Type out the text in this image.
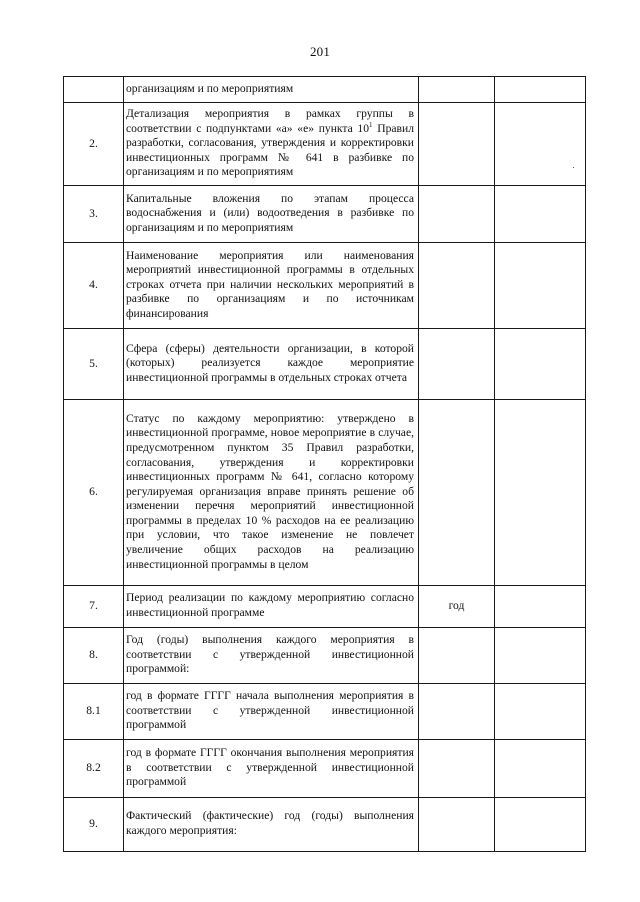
201
	организациям и по мероприятиям		
2.	Детализация мероприятия в рамках группы в соответствии с подпунктами «а» «е» пункта $10^1$ Правил разработки, согласования, утверждения и корректировки инвестиционных программ № 641 в разбивке по организациям и по мероприятиям		
3.	Капитальные вложения по этапам процесса водоснабжения и (или) водоотведения в разбивке по организациям и по мероприятиям		
4.	Наименование мероприятия или наименования мероприятий инвестиционной программы в отдельных строках отчета при наличии нескольких мероприятий в разбивке по организациям и по источникам финансирования		
5.	Сфера (сферы) деятельности организации, в которой (которых) реализуется каждое мероприятие инвестиционной программы в отдельных строках отчета		
6.	Статус по каждому мероприятию: утверждено в инвестиционной программе, новое мероприятие в случае, предусмотренном пунктом 35 Правил разработки, согласования, утверждения и корректировки инвестиционных программ № 641, согласно которому регулируемая организация вправе принять решение об изменении перечня мероприятий инвестиционной программы в пределах 10 % расходов на ее реализацию при условии, что такое изменение не повлечет увеличение общих расходов на реализацию инвестиционной программы в целом		
7.	Период реализации по каждому мероприятию согласно инвестиционной программе	год	
8.	Год (годы) выполнения каждого мероприятия в соответствии с утвержденной инвестиционной программой:		
8.1	год в формате ГГГГ начала выполнения мероприятия в соответствии с утвержденной инвестиционной программой		
8.2	год в формате ГГГГ окончания выполнения мероприятия в соответствии с утвержденной инвестиционной программой		
9.	Фактический (фактические) год (годы) выполнения каждого мероприятия:		
